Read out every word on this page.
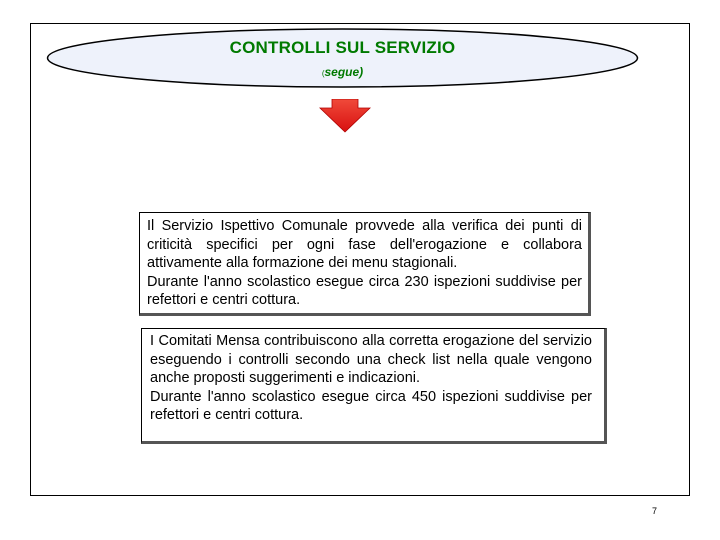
CONTROLLI SUL SERVIZIO
(segue)

Il Servizio Ispettivo Comunale provvede alla verifica dei punti di criticità specifici per ogni fase dell'erogazione e collabora attivamente alla formazione dei menu stagionali.

Durante l'anno scolastico esegue circa 230 ispezioni suddivise per refettori e centri cottura.

I Comitati Mensa contribuiscono alla corretta erogazione del servizio eseguendo i controlli secondo una check list nella quale vengono anche proposti suggerimenti e indicazioni.

Durante l'anno scolastico esegue circa 450 ispezioni suddivise per refettori e centri cottura.

7
